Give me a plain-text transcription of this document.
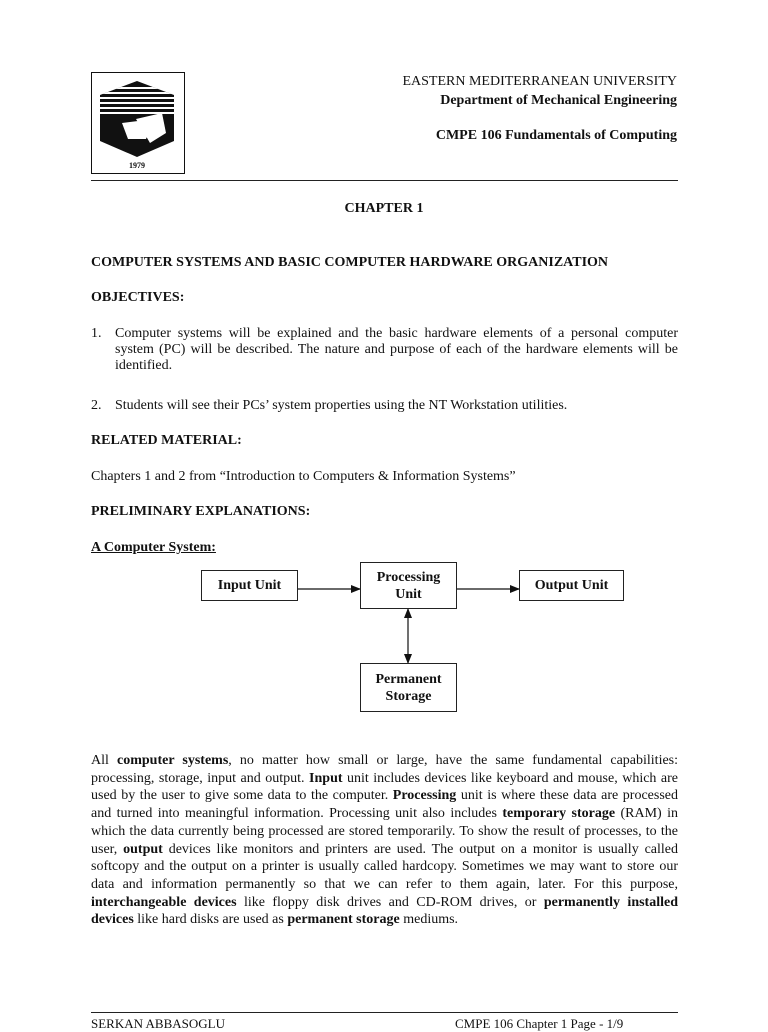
1979
EASTERN MEDITERRANEAN UNIVERSITY
Department of Mechanical Engineering
CMPE 106 Fundamentals of Computing
CHAPTER 1
COMPUTER SYSTEMS AND BASIC COMPUTER HARDWARE ORGANIZATION
OBJECTIVES:
1. Computer systems will be explained and the basic hardware elements of a personal computer system (PC) will be described. The nature and purpose of each of the hardware elements will be identified.
2. Students will see their PCs’ system properties using the NT Workstation utilities.
RELATED MATERIAL:
Chapters 1 and 2 from “Introduction to Computers & Information Systems”
PRELIMINARY EXPLANATIONS:
A Computer System:
Input Unit
Processing
Unit
Output Unit
Permanent
Storage
All computer systems, no matter how small or large, have the same fundamental capabilities: processing, storage, input and output. Input unit includes devices like keyboard and mouse, which are used by the user to give some data to the computer. Processing unit is where these data are processed and turned into meaningful information. Processing unit also includes temporary storage (RAM) in which the data currently being processed are stored temporarily. To show the result of processes, to the user, output devices like monitors and printers are used. The output on a monitor is usually called softcopy and the output on a printer is usually called hardcopy. Sometimes we may want to store our data and information permanently so that we can refer to them again, later. For this purpose, interchangeable devices like floppy disk drives and CD-ROM drives, or permanently installed devices like hard disks are used as permanent storage mediums.
SERKAN ABBASOGLU	CMPE 106 Chapter 1 Page - 1/9
